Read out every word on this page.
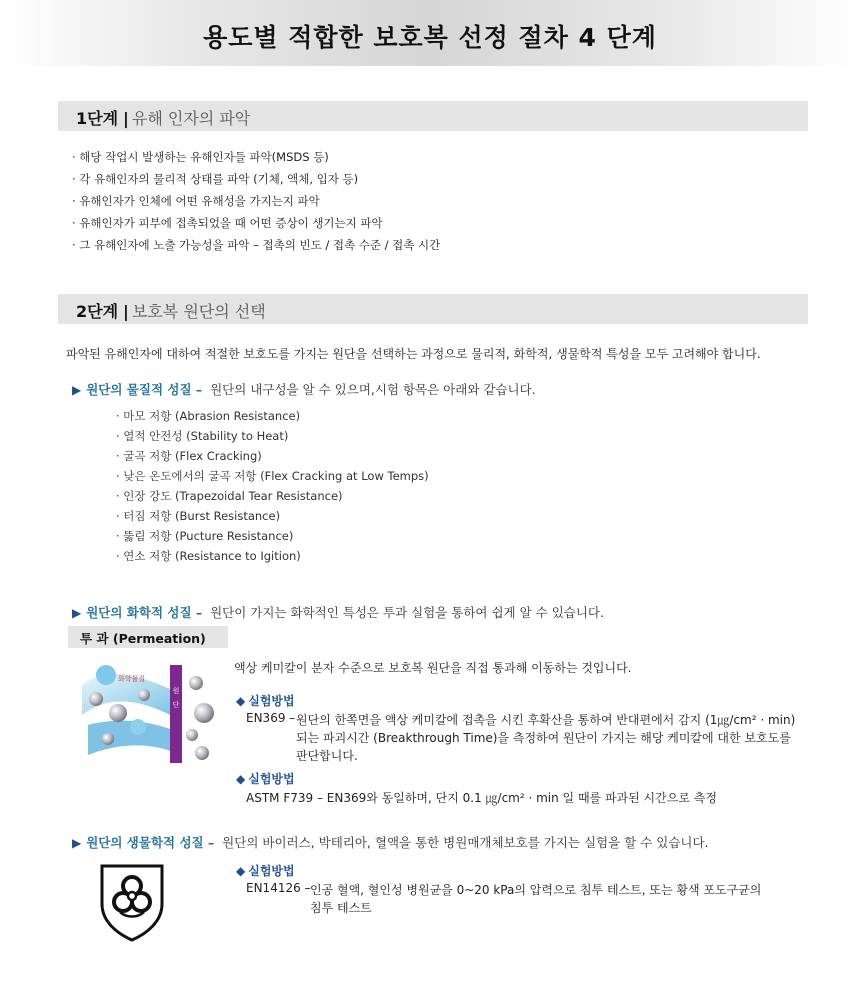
용도별 적합한 보호복 선정 절차 4 단계
1단계 | 유해 인자의 파악
· 해당 작업시 발생하는 유해인자들 파악(MSDS 등)
· 각 유해인자의 물리적 상태를 파악 (기체, 액체, 입자 등)
· 유해인자가 인체에 어떤 유해성을 가지는지 파악
· 유해인자가 피부에 접촉되었을 때 어떤 증상이 생기는지 파악
· 그 유해인자에 노출 가능성을 파악 – 접촉의 빈도 / 접촉 수준 / 접촉 시간
2단계 | 보호복 원단의 선택
파악된 유해인자에 대하여 적절한 보호도를 가지는 원단을 선택하는 과정으로 물리적, 화학적, 생물학적 특성을 모두 고려해야 합니다.
▶ 원단의 물질적 성질 – 원단의 내구성을 알 수 있으며,시험 항목은 아래와 같습니다.
· 마모 저항 (Abrasion Resistance)
· 열적 안전성 (Stability to Heat)
· 굴곡 저항 (Flex Cracking)
· 낮은 온도에서의 굴곡 저항 (Flex Cracking at Low Temps)
· 인장 강도 (Trapezoidal Tear Resistance)
· 터짐 저항 (Burst Resistance)
· 뚫림 저항 (Pucture Resistance)
· 연소 저항 (Resistance to Igition)
▶ 원단의 화학적 성질 – 원단이 가지는 화학적인 특성은 투과 실험을 통하여 쉽게 알 수 있습니다.
투 과 (Permeation)
화학물질
원
단
액상 케미칼이 분자 수준으로 보호복 원단을 직접 통과해 이동하는 것입니다.
◆ 실험방법
EN369 – 원단의 한쪽면을 액상 케미칼에 접촉을 시킨 후확산을 통하여 반대편에서 감지 (1㎍/cm² · min)
되는 파괴시간 (Breakthrough Time)을 측정하여 원단이 가지는 해당 케미칼에 대한 보호도를
판단합니다.
◆ 실험방법
ASTM F739 – EN369와 동일하며, 단지 0.1 ㎍/cm² · min 일 때를 파과된 시간으로 측정
▶ 원단의 생물학적 성질 – 원단의 바이러스, 박테리아, 혈액을 통한 병원매개체보호를 가지는 실험을 할 수 있습니다.
◆ 실험방법
EN14126 – 인공 혈액, 혈인성 병원균을 0~20 kPa의 압력으로 침투 테스트, 또는 황색 포도구균의
침투 테스트
